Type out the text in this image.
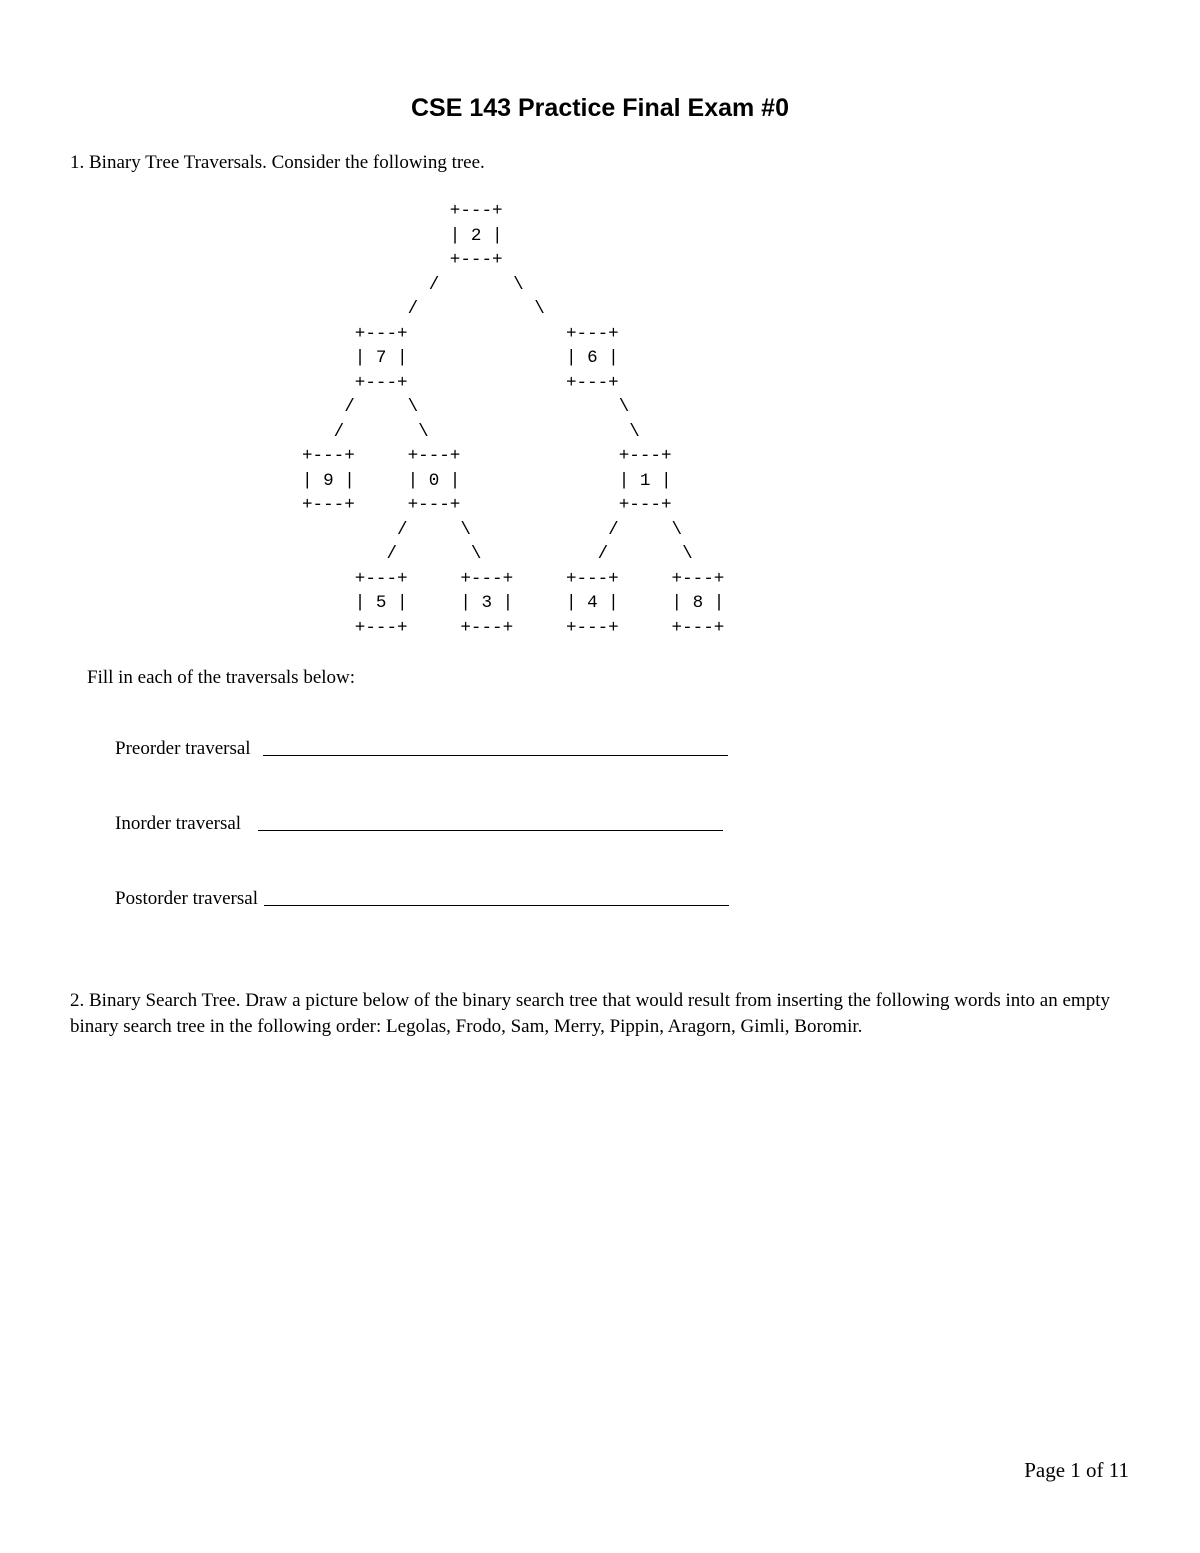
CSE 143 Practice Final Exam #0

1. Binary Tree Traversals. Consider the following tree.

+---+
| 2 |
+---+
/       \
/           \
+---+               +---+
| 7 |               | 6 |
+---+               +---+
/     \                   \
/       \                   \
+---+     +---+               +---+
| 9 |     | 0 |               | 1 |
+---+     +---+               +---+
/     \             /     \
/       \           /       \
+---+     +---+     +---+     +---+
| 5 |     | 3 |     | 4 |     | 8 |
+---+     +---+     +---+     +---+

Fill in each of the traversals below:

Preorder traversal
Inorder traversal
Postorder traversal

2. Binary Search Tree. Draw a picture below of the binary search tree that would result from inserting the following words into an empty binary search tree in the following order: Legolas, Frodo, Sam, Merry, Pippin, Aragorn, Gimli, Boromir.

Page 1 of 11
